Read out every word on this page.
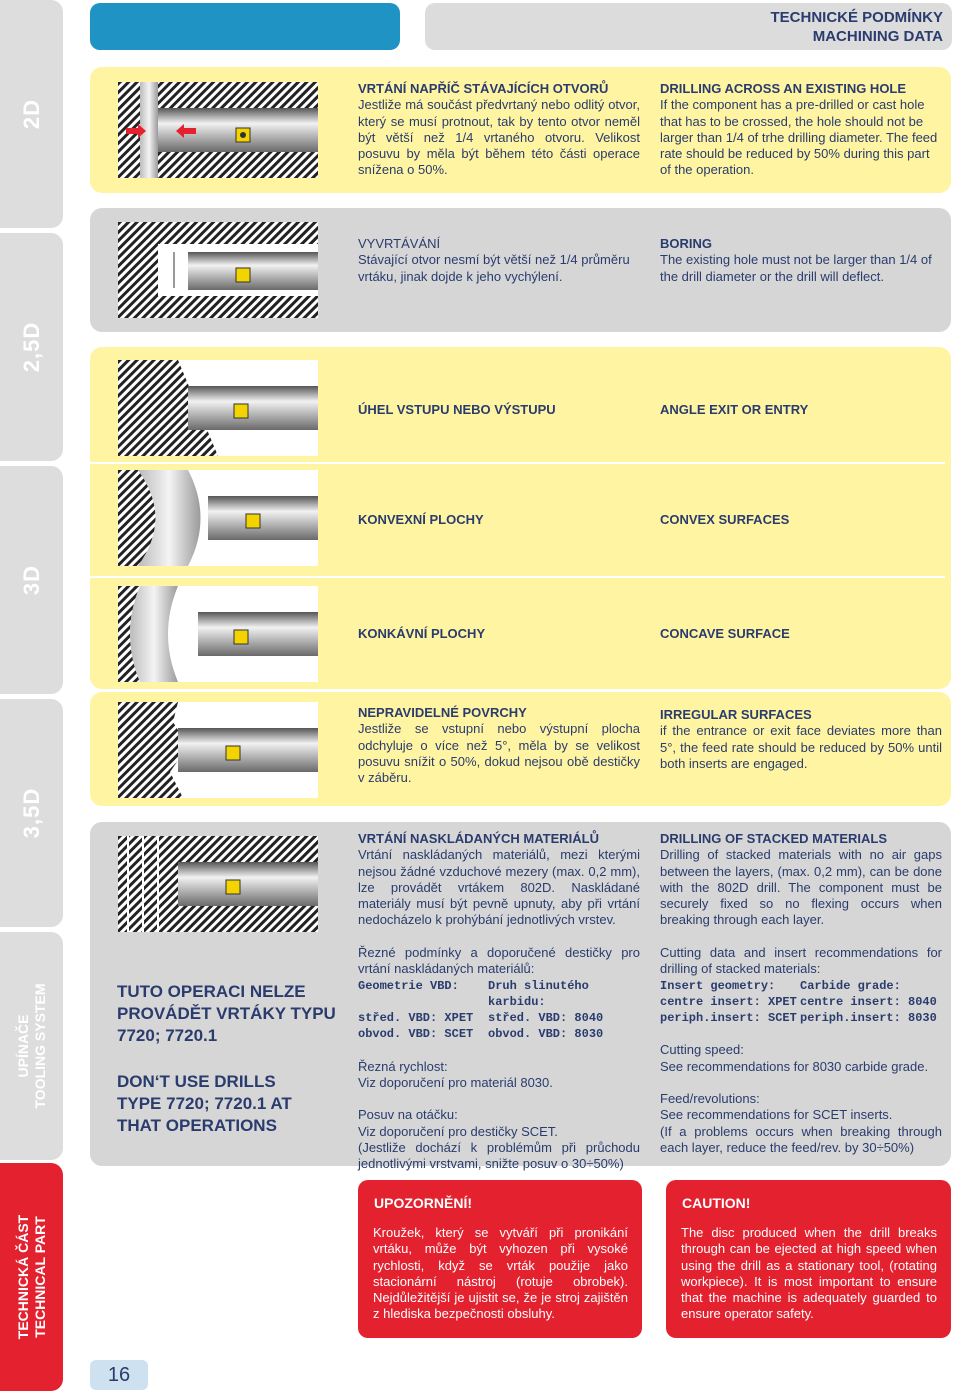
2D
2,5D
3D
3,5D
UPÍNAČE TOOLING SYSTEM
TECHNICKÁ ČÁST TECHNICAL PART
TECHNICKÉ PODMÍNKY
MACHINING DATA
VRTÁNÍ NAPŘÍČ STÁVAJÍCÍCH OTVORŮ
Jestliže má součást předvrtaný nebo odlitý otvor, který se musí protnout, tak by tento otvor neměl být větší než 1/4 vrtaného otvoru. Velikost posuvu by měla být během této části operace snížena o 50%.
DRILLING ACROSS AN EXISTING HOLE
If the component has a pre-drilled or cast hole that has to be crossed, the hole should not be larger than 1/4 of trhe drilling diameter. The feed rate should be reduced by 50% during this part of the operation.
VYVRTÁVÁNÍ
Stávající otvor nesmí být větší než 1/4 průměru vrtáku, jinak dojde k jeho vychýlení.
BORING
The existing hole must not be larger than 1/4 of the drill diameter or the drill will deflect.
ÚHEL VSTUPU NEBO VÝSTUPU	ANGLE EXIT OR ENTRY
KONVEXNÍ PLOCHY	CONVEX SURFACES
KONKÁVNÍ PLOCHY	CONCAVE SURFACE
NEPRAVIDELNÉ POVRCHY
Jestliže se vstupní nebo výstupní plocha odchyluje o více než 5°, měla by se velikost posuvu snížit o 50%, dokud nejsou obě destičky v záběru.
IRREGULAR SURFACES
if the entrance or exit face deviates more than 5°, the feed rate should be reduced by 50% until both inserts are engaged.
VRTÁNÍ NASKLÁDANÝCH MATERIÁLŮ
Vrtání naskládaných materiálů, mezi kterými nejsou žádné vzduchové mezery (max. 0,2 mm), lze provádět vrtákem 802D. Naskládané materiály musí být pevně upnuty, aby při vrtání nedocházelo k prohýbání jednotlivých vrstev.
DRILLING OF STACKED MATERIALS
Drilling of stacked materials with no air gaps between the layers, (max. 0,2 mm), can be done with the 802D drill. The component must be securely fixed so no flexing occurs when breaking through each layer.
TUTO OPERACI NELZE PROVÁDĚT VRTÁKY TYPU 7720; 7720.1
DON‘T USE DRILLS TYPE 7720; 7720.1 AT THAT OPERATIONS
Řezné podmínky a doporučené destičky pro vrtání naskládaných materiálů:
Geometrie VBD:	Druh slinutého karbidu:
střed. VBD: XPET	střed. VBD: 8040
obvod. VBD: SCET	obvod. VBD: 8030
Řezná rychlost:
Viz doporučení pro materiál 8030.
Posuv na otáčku:
Viz doporučení pro destičky SCET.
(Jestliže dochází k problémům při průchodu jednotlivými vrstvami, snižte posuv o 30÷50%)
Cutting data and insert recommendations for drilling of stacked materials:
Insert geometry:	Carbide grade:
centre insert: XPET centre insert: 8040
periph.insert: SCET periph.insert: 8030
Cutting speed:
See recommendations for 8030 carbide grade.
Feed/revolutions:
See recommendations for SCET inserts.
(If a problems occurs when breaking through each layer, reduce the feed/rev. by 30÷50%)
UPOZORNĚNÍ!
Kroužek, který se vytváří při pronikání vrtáku, může být vyhozen při vysoké rychlosti, když se vrták použije jako stacionární nástroj (rotuje obrobek). Nejdůležitější je ujistit se, že je stroj zajištěn z hlediska bezpečnosti obsluhy.
CAUTION!
The disc produced when the drill breaks through can be ejected at high speed when using the drill as a stationary tool, (rotating workpiece). It is most important to ensure that the machine is adequately guarded to ensure operator safety.
16
